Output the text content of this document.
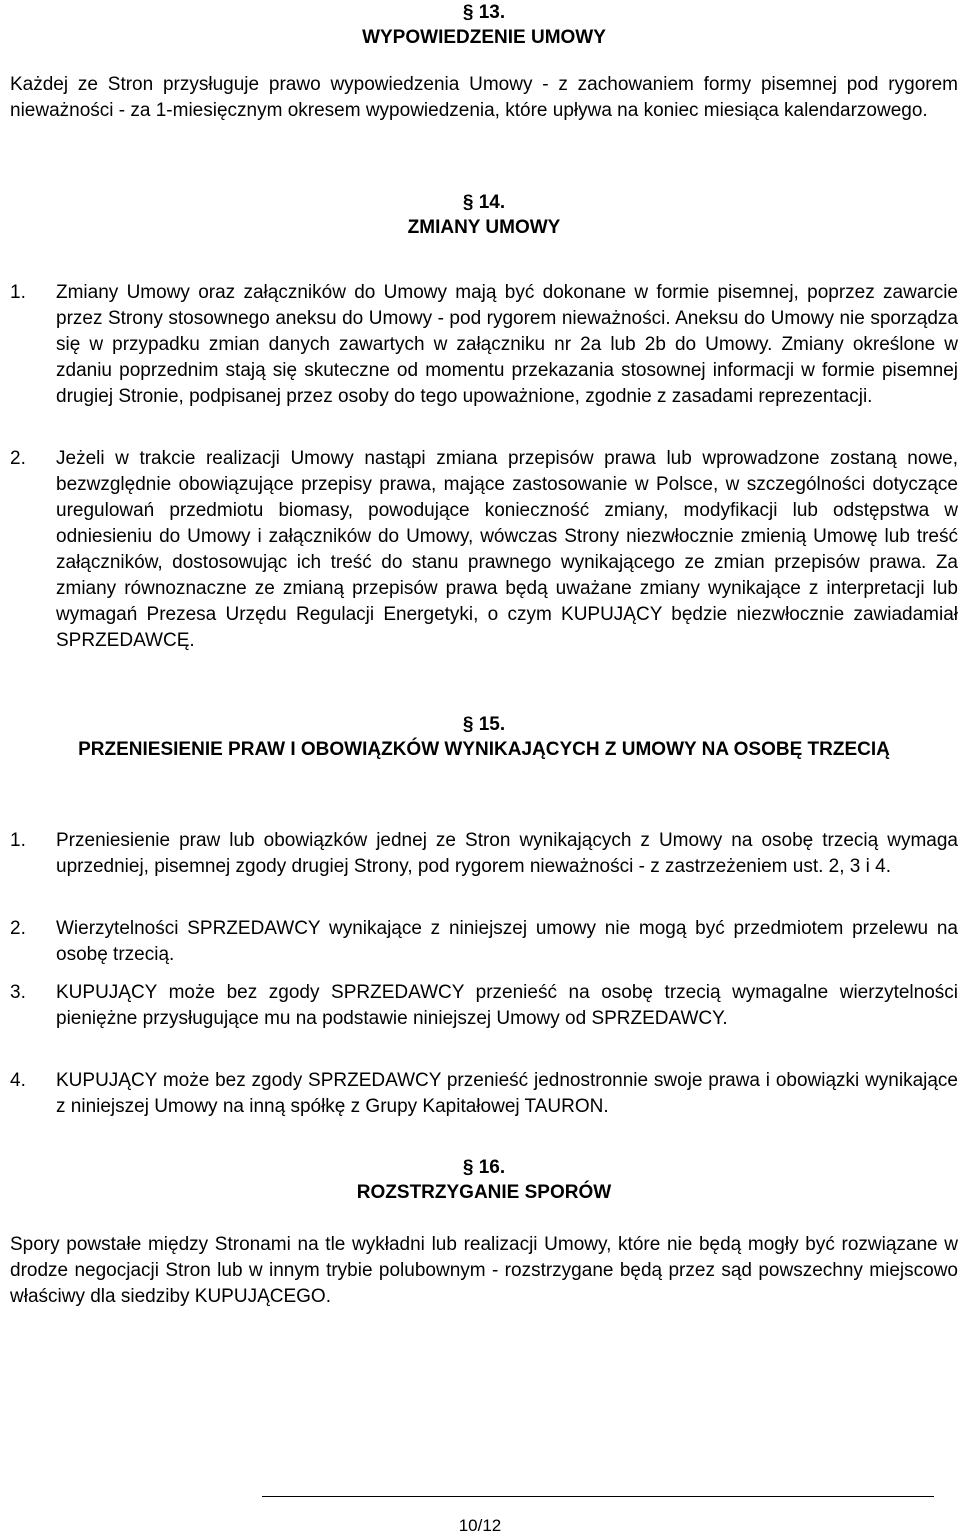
§ 13.
WYPOWIEDZENIE UMOWY

Każdej ze Stron przysługuje prawo wypowiedzenia Umowy - z zachowaniem formy pisemnej pod rygorem nieważności - za 1-miesięcznym okresem wypowiedzenia, które upływa na koniec miesiąca kalendarzowego.

§ 14.
ZMIANY UMOWY
1. Zmiany Umowy oraz załączników do Umowy mają być dokonane w formie pisemnej, poprzez zawarcie przez Strony stosownego aneksu do Umowy - pod rygorem nieważności. Aneksu do Umowy nie sporządza się w przypadku zmian danych zawartych w załączniku nr 2a lub 2b do Umowy. Zmiany określone w zdaniu poprzednim stają się skuteczne od momentu przekazania stosownej informacji w formie pisemnej drugiej Stronie, podpisanej przez osoby do tego upoważnione, zgodnie z zasadami reprezentacji.
2. Jeżeli w trakcie realizacji Umowy nastąpi zmiana przepisów prawa lub wprowadzone zostaną nowe, bezwzględnie obowiązujące przepisy prawa, mające zastosowanie w Polsce, w szczególności dotyczące uregulowań przedmiotu biomasy, powodujące konieczność zmiany, modyfikacji lub odstępstwa w odniesieniu do Umowy i załączników do Umowy, wówczas Strony niezwłocznie zmienią Umowę lub treść załączników, dostosowując ich treść do stanu prawnego wynikającego ze zmian przepisów prawa. Za zmiany równoznaczne ze zmianą przepisów prawa będą uważane zmiany wynikające z interpretacji lub wymagań Prezesa Urzędu Regulacji Energetyki, o czym KUPUJĄCY będzie niezwłocznie zawiadamiał SPRZEDAWCĘ.
§ 15.
PRZENIESIENIE PRAW I OBOWIĄZKÓW WYNIKAJĄCYCH Z UMOWY NA OSOBĘ TRZECIĄ
1. Przeniesienie praw lub obowiązków jednej ze Stron wynikających z Umowy na osobę trzecią wymaga uprzedniej, pisemnej zgody drugiej Strony, pod rygorem nieważności - z zastrzeżeniem ust. 2, 3 i 4.
2. Wierzytelności SPRZEDAWCY wynikające z niniejszej umowy nie mogą być przedmiotem przelewu na osobę trzecią.
3. KUPUJĄCY może bez zgody SPRZEDAWCY przenieść na osobę trzecią wymagalne wierzytelności pieniężne przysługujące mu na podstawie niniejszej Umowy od SPRZEDAWCY.
4. KUPUJĄCY może bez zgody SPRZEDAWCY przenieść jednostronnie swoje prawa i obowiązki wynikające z niniejszej Umowy na inną spółkę z Grupy Kapitałowej TAURON.
§ 16.
ROZSTRZYGANIE SPORÓW

Spory powstałe między Stronami na tle wykładni lub realizacji Umowy, które nie będą mogły być rozwiązane w drodze negocjacji Stron lub w innym trybie polubownym - rozstrzygane będą przez sąd powszechny miejscowo właściwy dla siedziby KUPUJĄCEGO.

10/12
